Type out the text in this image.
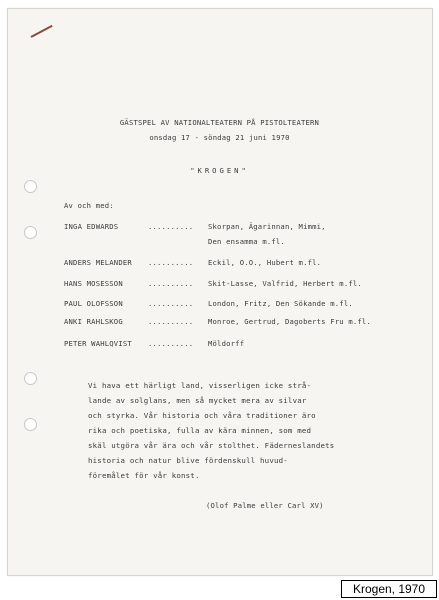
GÄSTSPEL AV NATIONALTEATERN PÅ PISTOLTEATERN
onsdag 17 - söndag 21 juni 1970
"KROGEN"
Av och med:
INGA EDWARDS	.......... Skorpan, Ägarinnan, Mimmi,
Den ensamma m.fl.
ANDERS MELANDER .......... Eckil, O.O., Hubert m.fl.
HANS MOSESSON	.......... Skit-Lasse, Valfrid, Herbert m.fl.
PAUL OLOFSSON	.......... London, Fritz, Den Sökande m.fl.
ANKI RAHLSKOG	.......... Monroe, Gertrud, Dagoberts Fru m.fl.
PETER WAHLQVIST .......... Möldorff
Vi hava ett härligt land, visserligen icke strå-
lande av solglans, men så mycket mera av silvar
och styrka. Vår historia och våra traditioner äro
rika och poetiska, fulla av kära minnen, som med
skäl utgöra vår ära och vår stolthet. Fäderneslandets
historia och natur blive fördenskull huvud-
föremålet för vår konst.
(Olof Palme eller Carl XV)
Krogen, 1970
